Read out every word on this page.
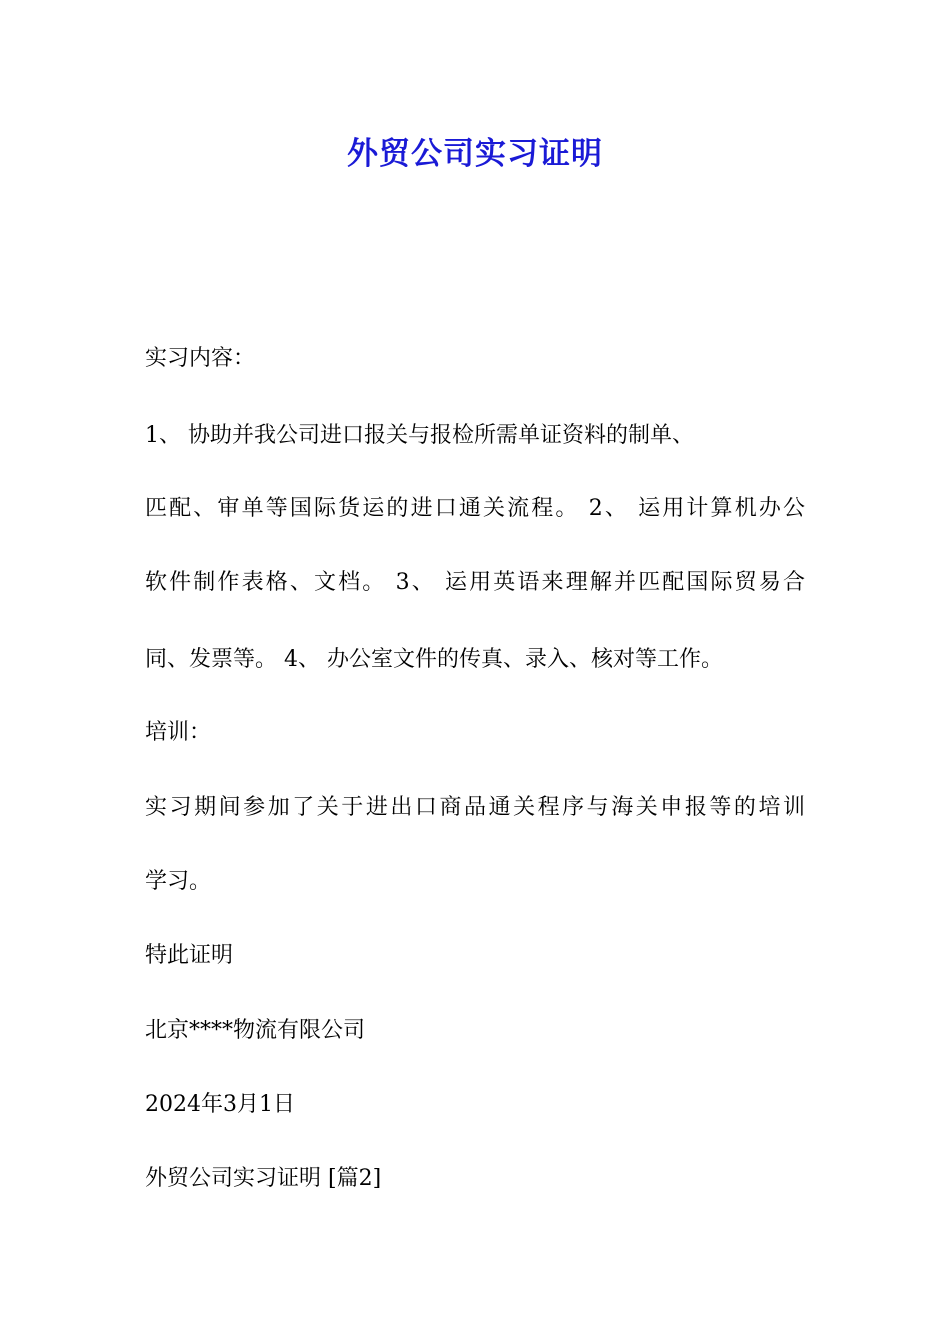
外贸公司实习证明

实习内容：

1、 协助并我公司进口报关与报检所需单证资料的制单、

匹配、审单等国际货运的进口通关流程。 2、 运用计算机办公

软件制作表格、文档。 3、 运用英语来理解并匹配国际贸易合

同、发票等。 4、 办公室文件的传真、录入、核对等工作。

培训：

实习期间参加了关于进出口商品通关程序与海关申报等的培训

学习。

特此证明

北京****物流有限公司

2024年3月1日

外贸公司实习证明 [篇2]
